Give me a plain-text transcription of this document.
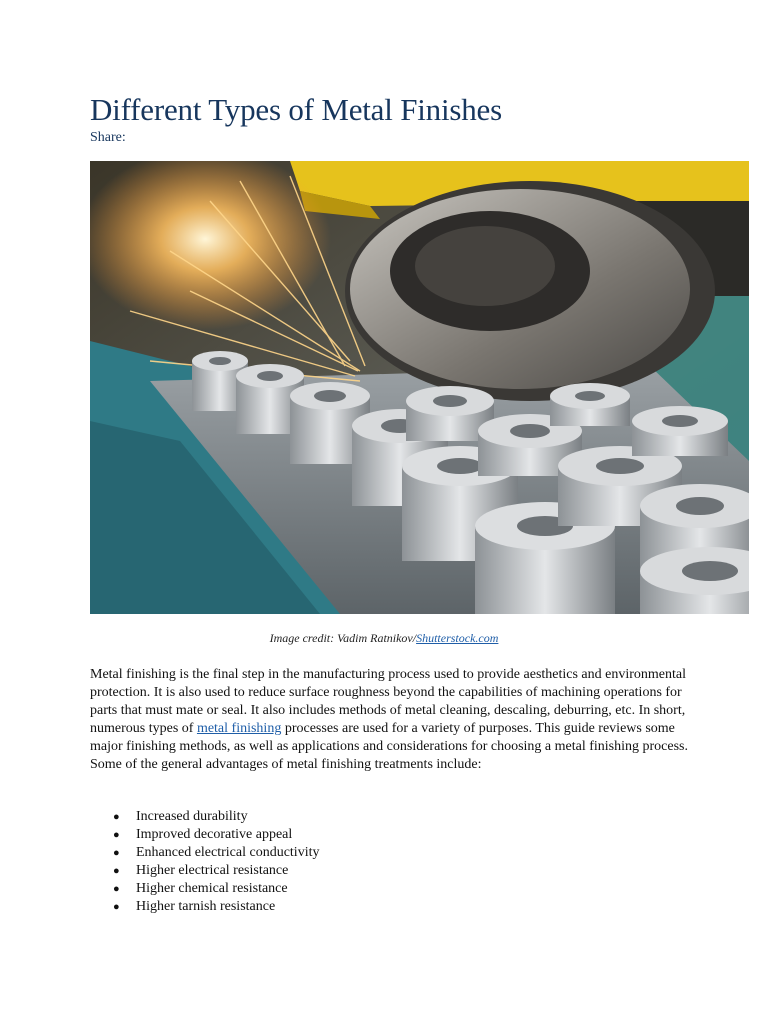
Different Types of Metal Finishes
Share:
Image credit: Vadim Ratnikov/Shutterstock.com

Metal finishing is the final step in the manufacturing process used to provide aesthetics and environmental protection. It is also used to reduce surface roughness beyond the capabilities of machining operations for parts that must mate or seal. It also includes methods of metal cleaning, descaling, deburring, etc. In short, numerous types of metal finishing processes are used for a variety of purposes. This guide reviews some major finishing methods, as well as applications and considerations for choosing a metal finishing process. Some of the general advantages of metal finishing treatments include:

● Increased durability
● Improved decorative appeal
● Enhanced electrical conductivity
● Higher electrical resistance
● Higher chemical resistance
● Higher tarnish resistance
